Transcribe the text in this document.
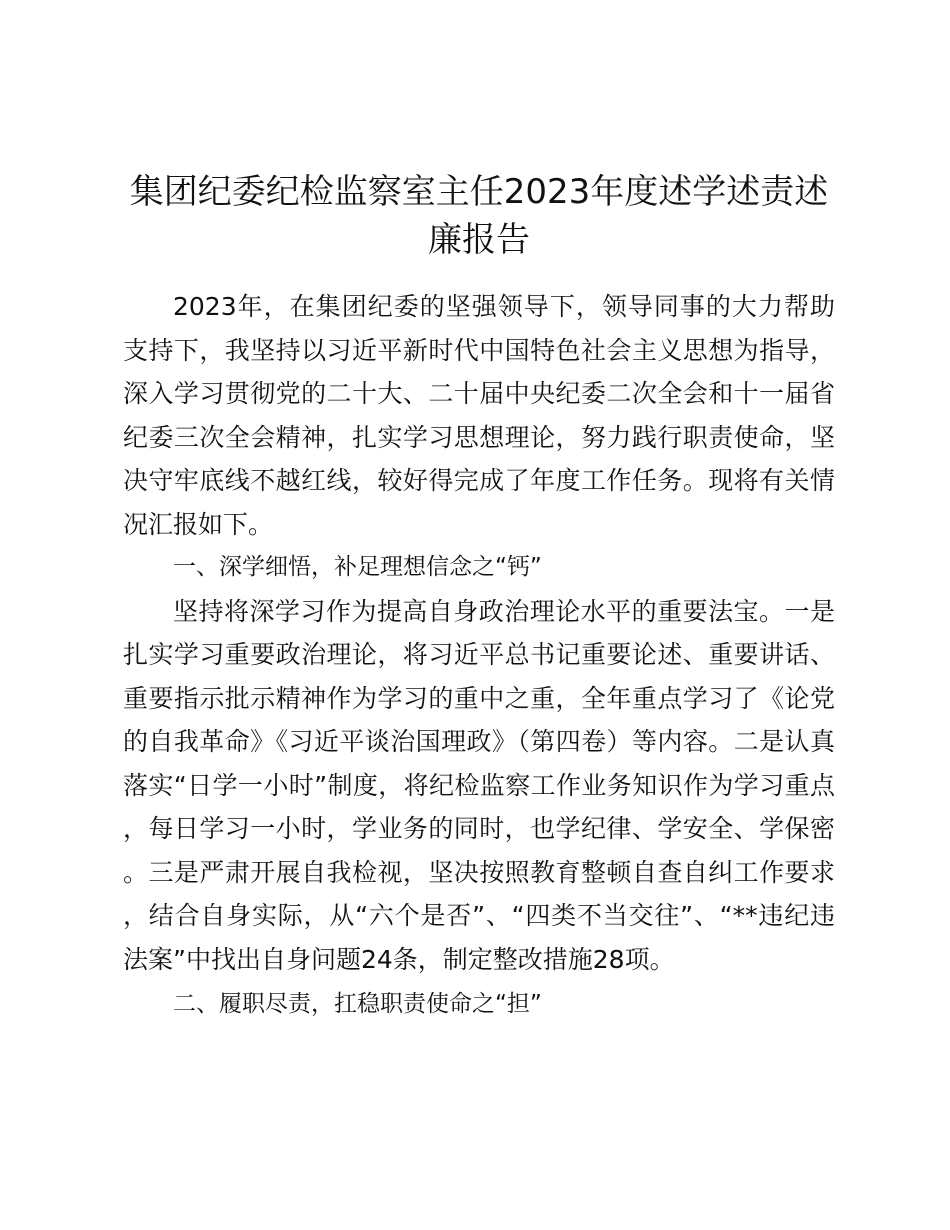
集团纪委纪检监察室主任2023年度述学述责述廉报告

2023年，在集团纪委的坚强领导下，领导同事的大力帮助支持下，我坚持以习近平新时代中国特色社会主义思想为指导，深入学习贯彻党的二十大、二十届中央纪委二次全会和十一届省纪委三次全会精神，扎实学习思想理论，努力践行职责使命，坚决守牢底线不越红线，较好得完成了年度工作任务。现将有关情况汇报如下。

一、深学细悟，补足理想信念之“钙”

坚持将深学习作为提高自身政治理论水平的重要法宝。一是扎实学习重要政治理论，将习近平总书记重要论述、重要讲话、重要指示批示精神作为学习的重中之重，全年重点学习了《论党的自我革命》《习近平谈治国理政》（第四卷）等内容。二是认真落实“日学一小时”制度，将纪检监察工作业务知识作为学习重点，每日学习一小时，学业务的同时，也学纪律、学安全、学保密。三是严肃开展自我检视，坚决按照教育整顿自查自纠工作要求，结合自身实际，从“六个是否”、“四类不当交往”、“**违纪违法案”中找出自身问题24条，制定整改措施28项。

二、履职尽责，扛稳职责使命之“担”
